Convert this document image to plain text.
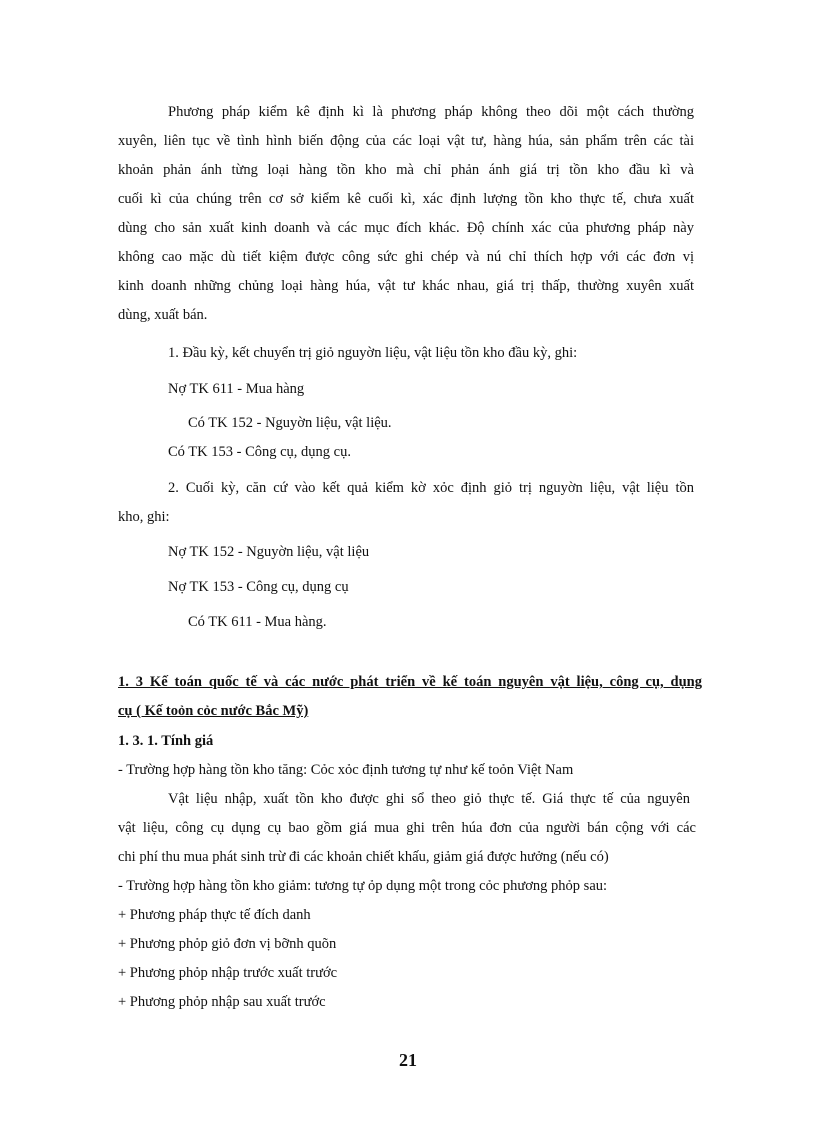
Phương pháp kiểm kê định kì là phương pháp không theo dõi một cách thường
xuyên, liên tục về tình hình biến động của các loại vật tư, hàng húa, sản phẩm trên các tài
khoản phản ánh từng loại hàng tồn kho mà chỉ phản ánh giá trị tồn kho đầu kì và
cuối kì của chúng trên cơ sở kiểm kê cuối kì, xác định lượng tồn kho thực tế, chưa xuất
dùng cho sản xuất kinh doanh và các mục đích khác. Độ chính xác của phương pháp này
không cao mặc dù tiết kiệm được công sức ghi chép và nú chỉ thích hợp với các đơn vị
kinh doanh những chủng loại hàng húa, vật tư khác nhau, giá trị thấp, thường xuyên xuất
dùng, xuất bán.
1. Đầu kỳ, kết chuyển trị giỏ nguyờn liệu, vật liệu tồn kho đầu kỳ, ghi:
Nợ TK 611 - Mua hàng
Có TK 152 - Nguyờn liệu, vật liệu.
Có TK 153 - Công cụ, dụng cụ.
2. Cuối kỳ, căn cứ vào kết quả kiểm kờ xỏc định giỏ trị nguyờn liệu, vật liệu tồn
kho, ghi:
Nợ TK 152 - Nguyờn liệu, vật liệu
Nợ TK 153 - Công cụ, dụng cụ
Có TK 611 - Mua hàng.
1. 3 Kế toán quốc tế và các nước phát triển về kế toán nguyên vật liệu, công cụ, dụng
cụ ( Kế toỏn cỏc nước Bắc Mỹ)
1. 3. 1. Tính giá
- Trường hợp hàng tồn kho tăng: Cỏc xỏc định tương tự như kế toỏn Việt Nam
Vật liệu nhập, xuất tồn kho được ghi sổ theo giỏ thực tế. Giá thực tế của nguyên
vật liệu, công cụ dụng cụ bao gồm giá mua ghi trên húa đơn của người bán cộng với các
chi phí thu mua phát sinh trừ đi các khoản chiết khấu, giảm giá được hưởng (nếu có)
- Trường hợp hàng tồn kho giảm: tương tự ỏp dụng một trong cỏc phương phỏp sau:
+ Phương pháp thực tế đích danh
+ Phương phỏp giỏ đơn vị bỡnh quõn
+ Phương phỏp nhập trước xuất trước
+ Phương phỏp nhập sau xuất trước
21
